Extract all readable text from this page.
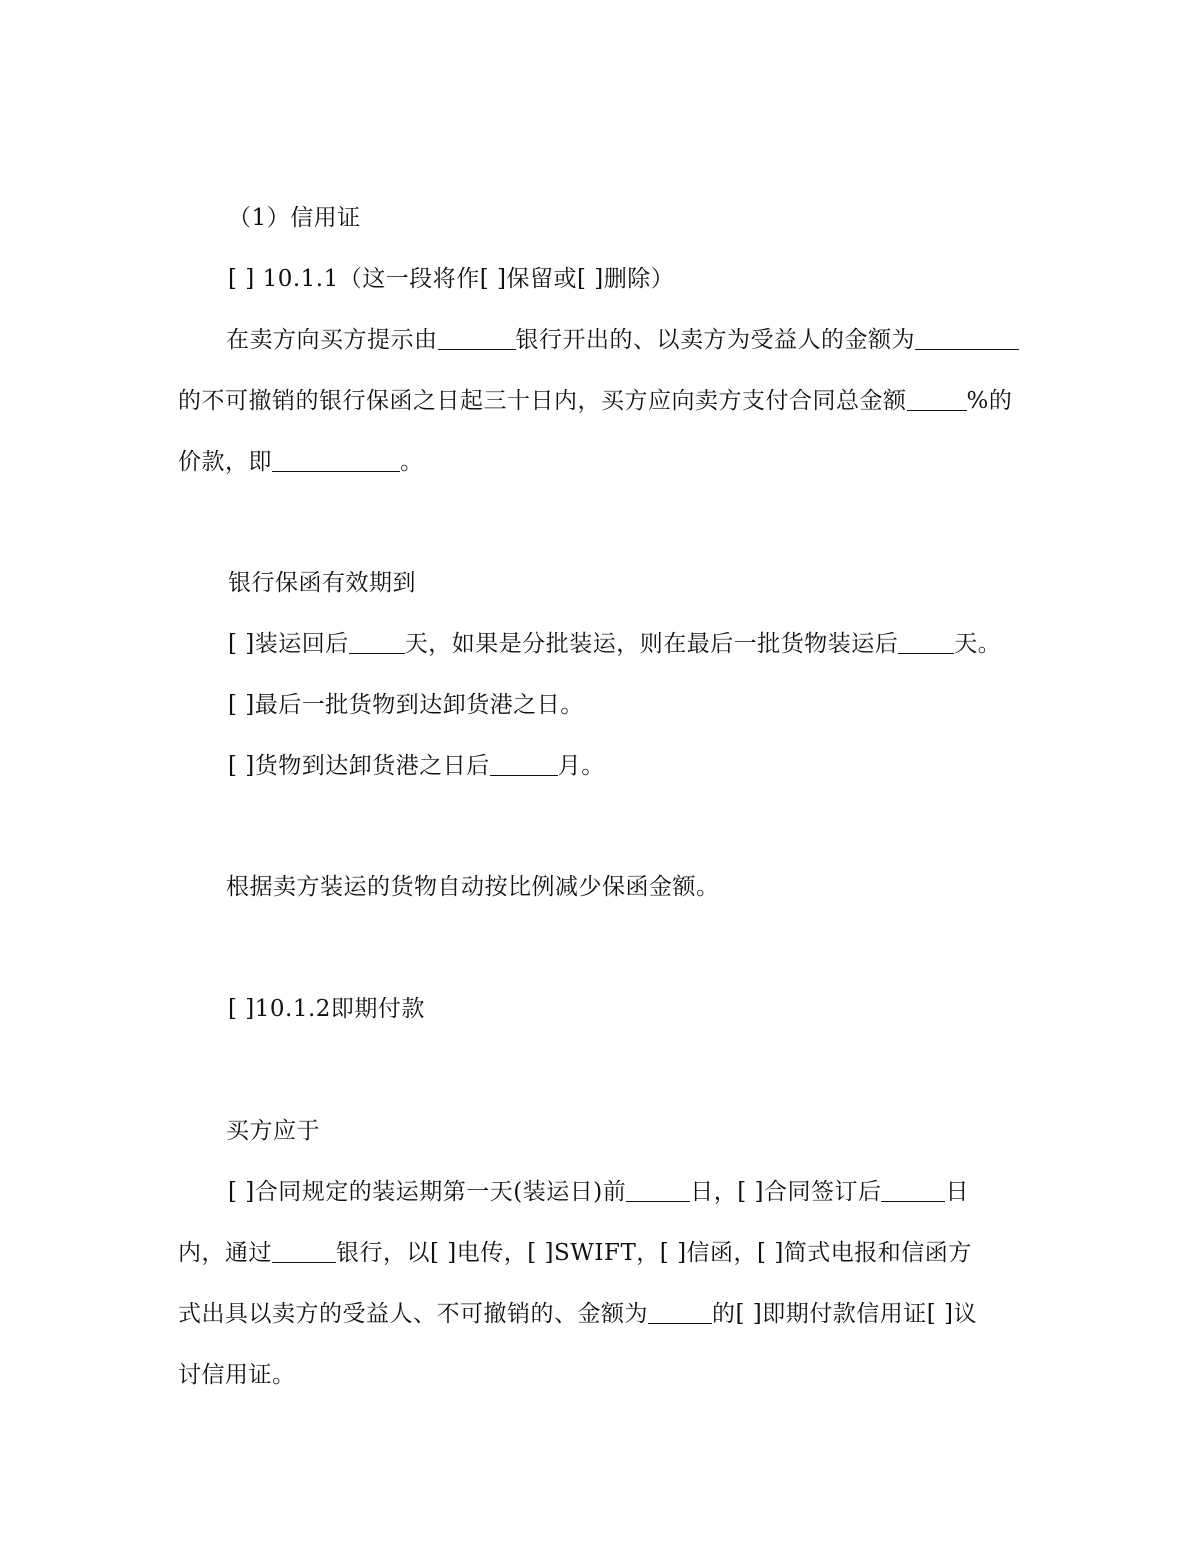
（1）信用证
[ ] 10.1.1（这一段将作[ ]保留或[ ]删除）
在卖方向买方提示由	银行开出的、以卖方为受益人的金额为
的不可撤销的银行保函之日起三十日内，买方应向卖方支付合同总金额	%的
价款，即	。
银行保函有效期到
[ ]装运回后 天，如果是分批装运，则在最后一批货物装运后 天。
[ ]最后一批货物到达卸货港之日。
[ ]货物到达卸货港之日后	月。
根据卖方装运的货物自动按比例减少保函金额。
[ ]10.1.2即期付款
买方应于
[ ]合同规定的装运期第一天(装运日)前	日，[ ]合同签订后	日
内，通过	银行，以[ ]电传，[ ]SWIFT，[ ]信函，[ ]简式电报和信函方
式出具以卖方的受益人、不可撤销的、金额为	的[ ]即期付款信用证[ ]议
讨信用证。
